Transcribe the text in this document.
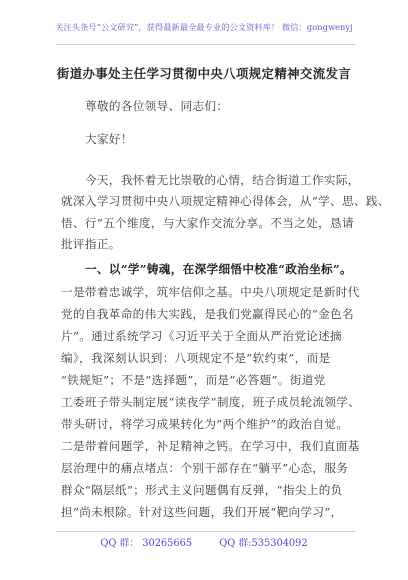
关注头条号“公文研究”，获得最新最全最专业的公文资料库！ 微信：gongwenyj
街道办事处主任学习贯彻中央八项规定精神交流发言
尊敬的各位领导、同志们：
大家好！
今天，我怀着无比崇敬的心情，结合街道工作实际，
就深入学习贯彻中央八项规定精神心得体会，从“学、思、践、
悟、行”五个维度，与大家作交流分享。不当之处，恳请
批评指正。
一、以“学”铸魂，在深学细悟中校准“政治坐标”。
一是带着忠诚学，筑牢信仰之基。中央八项规定是新时代
党的自我革命的伟大实践，是我们党赢得民心的“金色名
片”。通过系统学习《习近平关于全面从严治党论述摘
编》，我深刻认识到：八项规定不是“软约束”，而是
“铁规矩”；不是“选择题”，而是“必答题”。街道党
工委班子带头制定展“读夜学”制度，班子成员轮流领学、
带头研讨，将学习成果转化为“两个维护”的政治自觉。
二是带着问题学，补足精神之钙。在学习中，我们直面基
层治理中的痛点堵点：个别干部存在“躺平”心态，服务
群众“隔层纸”；形式主义问题偶有反弹，“指尖上的负
担”尚未根除。针对这些问题，我们开展“靶向学习”，
QQ 群： 30265665	QQ 群:535304092
